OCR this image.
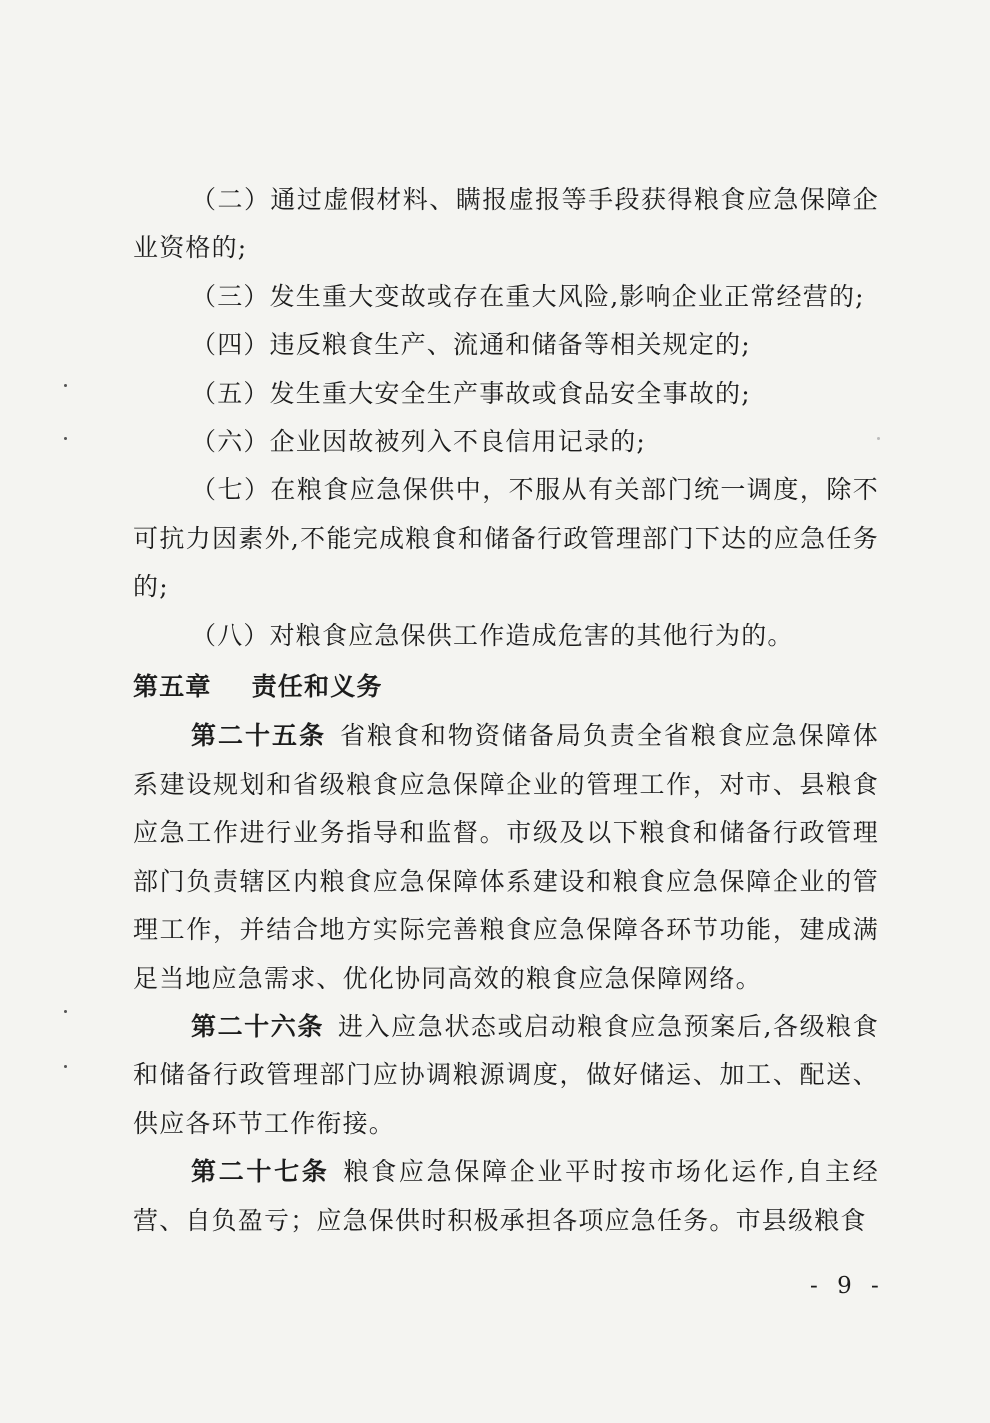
（二）通过虚假材料、瞒报虚报等手段获得粮食应急保障企业资格的;

（三）发生重大变故或存在重大风险,影响企业正常经营的;

（四）违反粮食生产、流通和储备等相关规定的;

（五）发生重大安全生产事故或食品安全事故的;

（六）企业因故被列入不良信用记录的;

（七）在粮食应急保供中，不服从有关部门统一调度，除不可抗力因素外,不能完成粮食和储备行政管理部门下达的应急任务的;

（八）对粮食应急保供工作造成危害的其他行为的。

第五章 责任和义务

第二十五条 省粮食和物资储备局负责全省粮食应急保障体系建设规划和省级粮食应急保障企业的管理工作，对市、县粮食应急工作进行业务指导和监督。市级及以下粮食和储备行政管理部门负责辖区内粮食应急保障体系建设和粮食应急保障企业的管理工作，并结合地方实际完善粮食应急保障各环节功能，建成满足当地应急需求、优化协同高效的粮食应急保障网络。

第二十六条 进入应急状态或启动粮食应急预案后,各级粮食和储备行政管理部门应协调粮源调度，做好储运、加工、配送、供应各环节工作衔接。

第二十七条 粮食应急保障企业平时按市场化运作,自主经营、自负盈亏；应急保供时积极承担各项应急任务。市县级粮食

- 9 -
